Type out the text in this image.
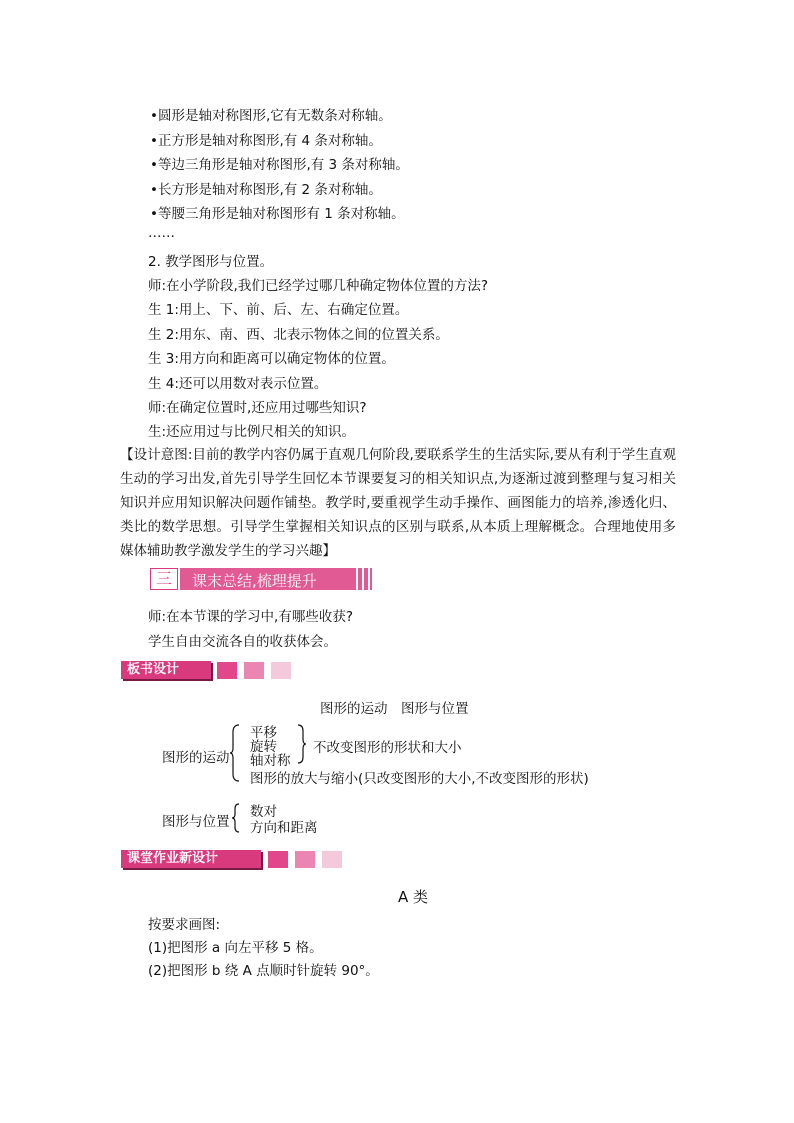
•圆形是轴对称图形,它有无数条对称轴。
•正方形是轴对称图形,有 4 条对称轴。
•等边三角形是轴对称图形,有 3 条对称轴。
•长方形是轴对称图形,有 2 条对称轴。
•等腰三角形是轴对称图形有 1 条对称轴。
……
2. 教学图形与位置。
师:在小学阶段,我们已经学过哪几种确定物体位置的方法?
生 1:用上、下、前、后、左、右确定位置。
生 2:用东、南、西、北表示物体之间的位置关系。
生 3:用方向和距离可以确定物体的位置。
生 4:还可以用数对表示位置。
师:在确定位置时,还应用过哪些知识?
生:还应用过与比例尺相关的知识。
【设计意图:目前的教学内容仍属于直观几何阶段,要联系学生的生活实际,要从有利于学生直观生动的学习出发,首先引导学生回忆本节课要复习的相关知识点,为逐渐过渡到整理与复习相关知识并应用知识解决问题作铺垫。教学时,要重视学生动手操作、画图能力的培养,渗透化归、类比的数学思想。引导学生掌握相关知识点的区别与联系,从本质上理解概念。合理地使用多媒体辅助教学激发学生的学习兴趣】
三	课末总结,梳理提升
师:在本节课的学习中,有哪些收获?
学生自由交流各自的收获体会。
板书设计
图形的运动　图形与位置
图形的运动
平移
旋转
轴对称
不改变图形的形状和大小
图形的放大与缩小(只改变图形的大小,不改变图形的形状)
图形与位置
数对
方向和距离
课堂作业新设计
A 类
按要求画图:
(1)把图形 a 向左平移 5 格。
(2)把图形 b 绕 A 点顺时针旋转 90°。
